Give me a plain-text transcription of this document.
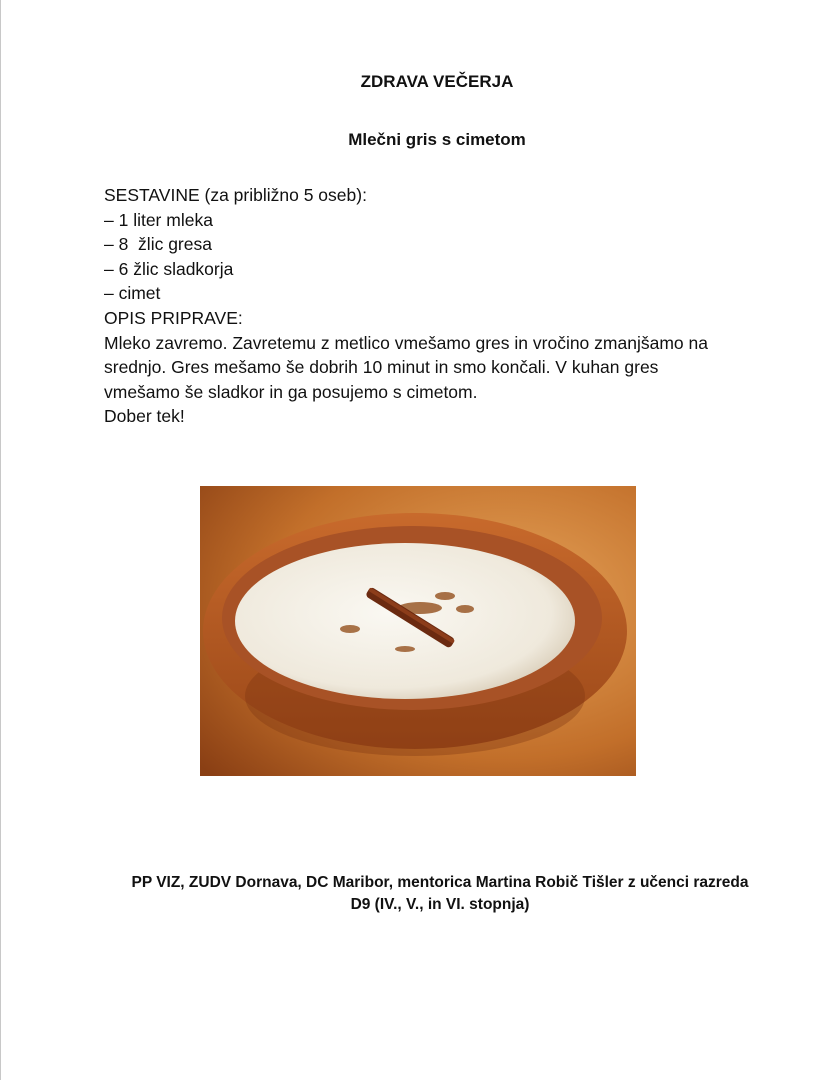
ZDRAVA VEČERJA
Mlečni gris s cimetom
SESTAVINE (za približno 5 oseb):
– 1 liter mleka
– 8  žlic gresa
– 6 žlic sladkorja
– cimet
OPIS PRIPRAVE:
Mleko zavremo. Zavretemu z metlico vmešamo gres in vročino zmanjšamo na
srednjo. Gres mešamo še dobrih 10 minut in smo končali. V kuhan gres
vmešamo še sladkor in ga posujemo s cimetom.
Dober tek!
PP VIZ, ZUDV Dornava, DC Maribor, mentorica Martina Robič Tišler z učenci razreda
D9 (IV., V., in VI. stopnja)
